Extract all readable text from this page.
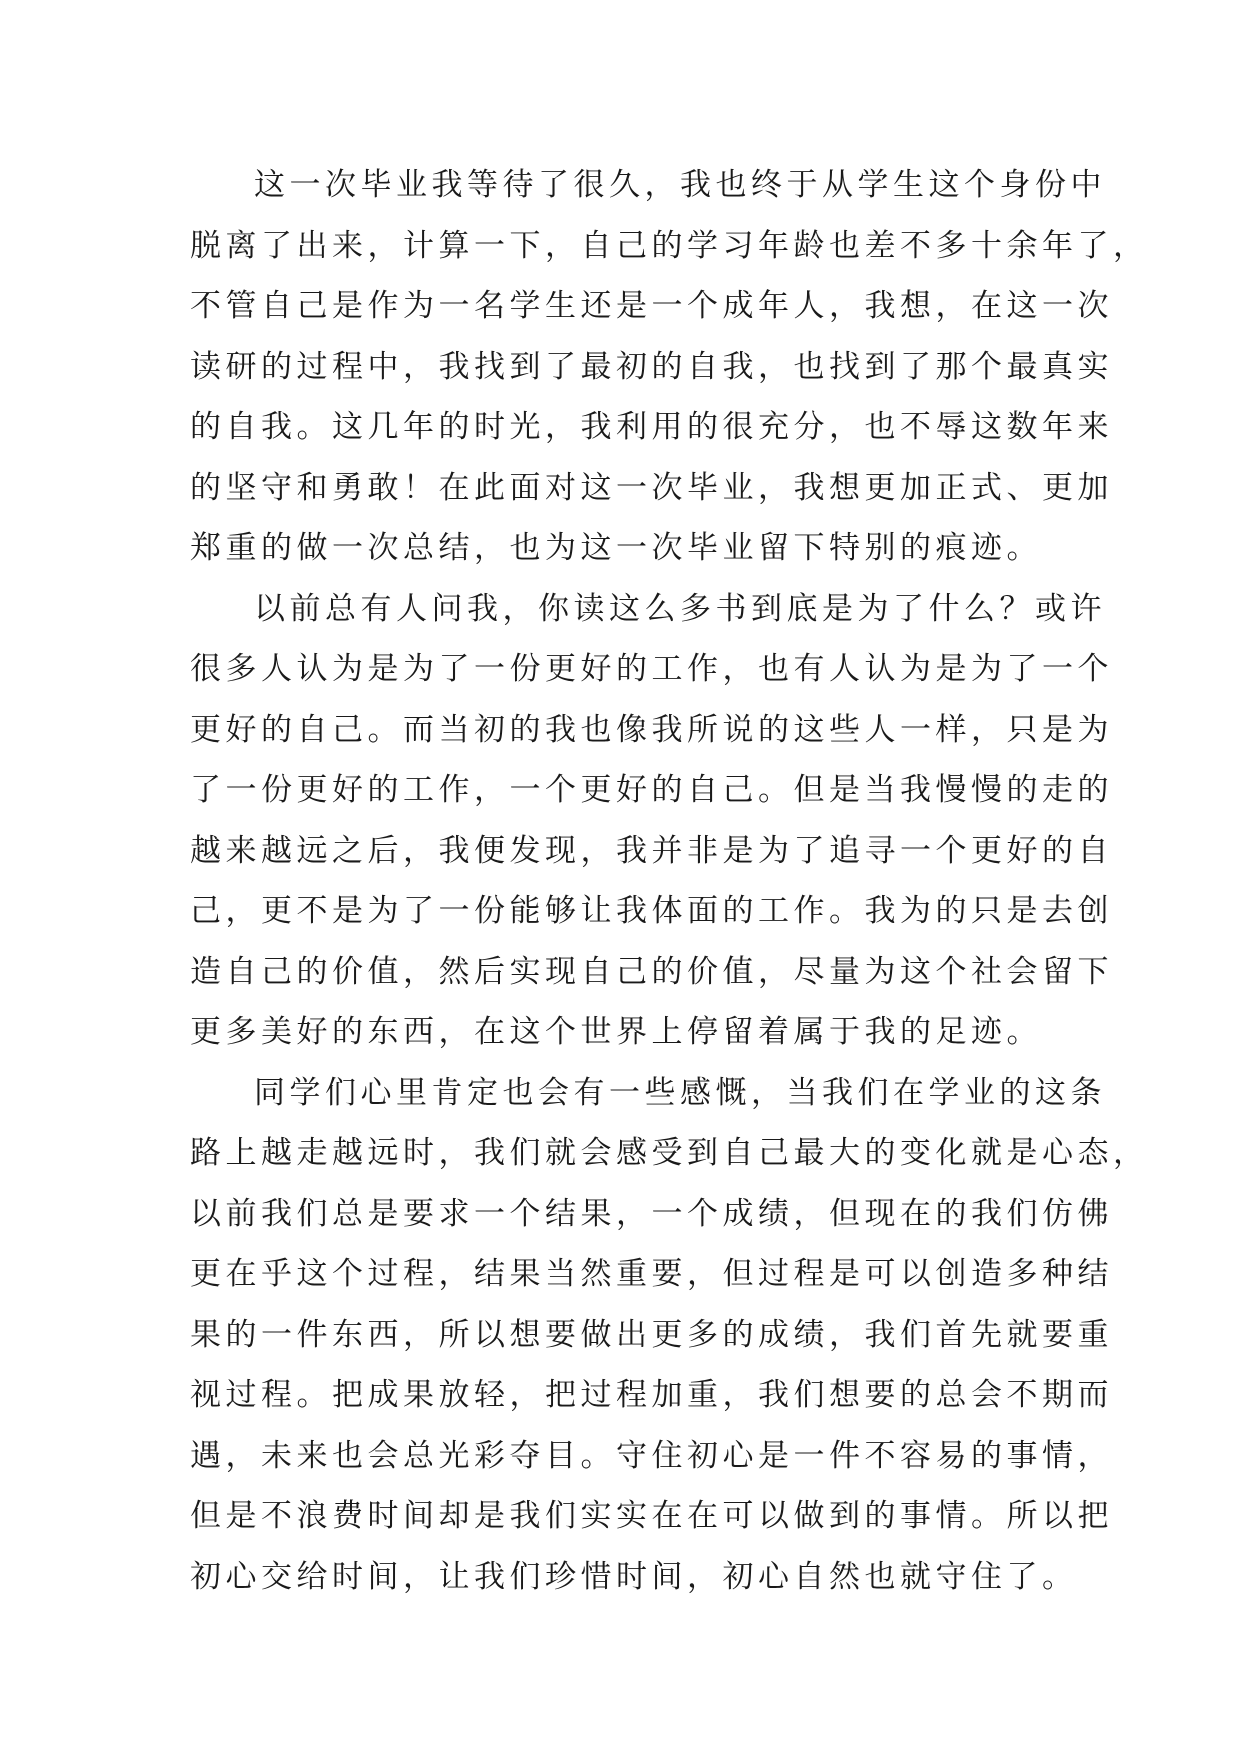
这一次毕业我等待了很久，我也终于从学生这个身份中
脱离了出来，计算一下，自己的学习年龄也差不多十余年了，
不管自己是作为一名学生还是一个成年人，我想，在这一次
读研的过程中，我找到了最初的自我，也找到了那个最真实
的自我。这几年的时光，我利用的很充分，也不辱这数年来
的坚守和勇敢！在此面对这一次毕业，我想更加正式、更加
郑重的做一次总结，也为这一次毕业留下特别的痕迹。
以前总有人问我，你读这么多书到底是为了什么？或许
很多人认为是为了一份更好的工作，也有人认为是为了一个
更好的自己。而当初的我也像我所说的这些人一样，只是为
了一份更好的工作，一个更好的自己。但是当我慢慢的走的
越来越远之后，我便发现，我并非是为了追寻一个更好的自
己，更不是为了一份能够让我体面的工作。我为的只是去创
造自己的价值，然后实现自己的价值，尽量为这个社会留下
更多美好的东西，在这个世界上停留着属于我的足迹。
同学们心里肯定也会有一些感慨，当我们在学业的这条
路上越走越远时，我们就会感受到自己最大的变化就是心态，
以前我们总是要求一个结果，一个成绩，但现在的我们仿佛
更在乎这个过程，结果当然重要，但过程是可以创造多种结
果的一件东西，所以想要做出更多的成绩，我们首先就要重
视过程。把成果放轻，把过程加重，我们想要的总会不期而
遇，未来也会总光彩夺目。守住初心是一件不容易的事情，
但是不浪费时间却是我们实实在在可以做到的事情。所以把
初心交给时间，让我们珍惜时间，初心自然也就守住了。
